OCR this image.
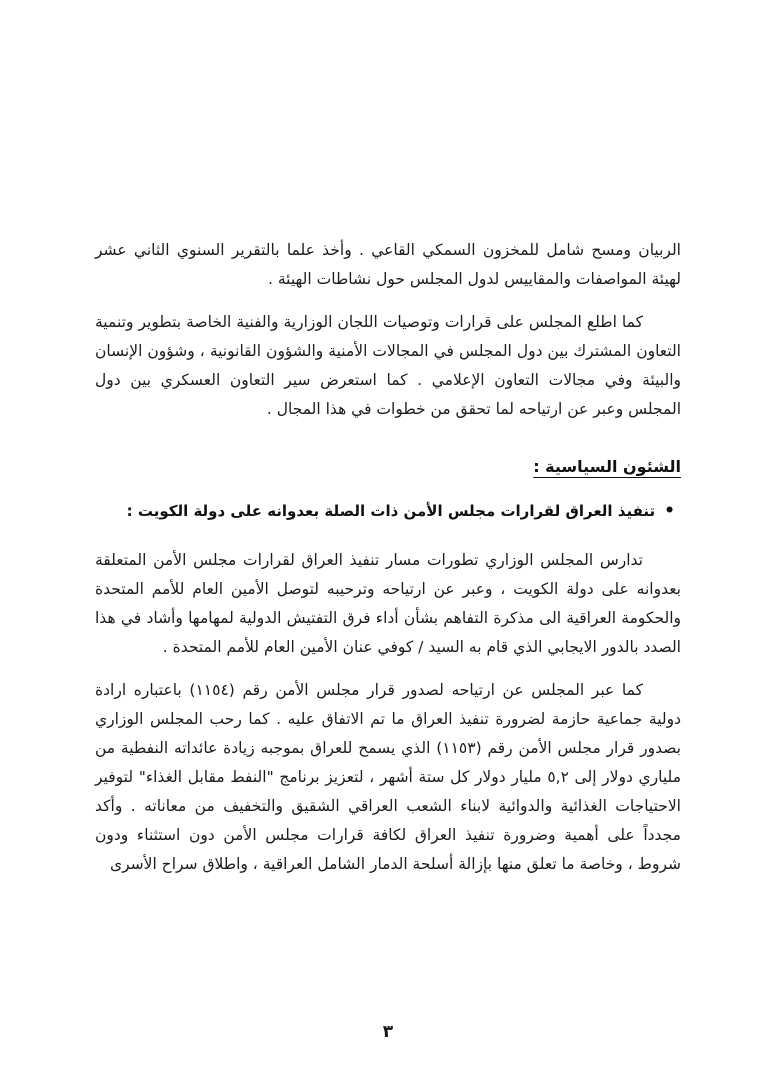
الربيان ومسح شامل للمخزون السمكي القاعي . وأخذ علما بالتقرير السنوي الثاني عشر لهيئة المواصفات والمقاييس لدول المجلس حول نشاطات الهيئة .

كما اطلع المجلس على قرارات وتوصيات اللجان الوزارية والفنية الخاصة بتطوير وتنمية التعاون المشترك بين دول المجلس في المجالات الأمنية والشؤون القانونية ، وشؤون الإنسان والبيئة وفي مجالات التعاون الإعلامي . كما استعرض سير التعاون العسكري بين دول المجلس وعبر عن ارتياحه لما تحقق من خطوات في هذا المجال .

الشئون السياسية :
•
تنفيذ العراق لقرارات مجلس الأمن ذات الصلة بعدوانه على دولة الكويت :

تدارس المجلس الوزاري تطورات مسار تنفيذ العراق لقرارات مجلس الأمن المتعلقة بعدوانه على دولة الكويت ، وعبر عن ارتياحه وترحيبه لتوصل الأمين العام للأمم المتحدة والحكومة العراقية الى مذكرة التفاهم بشأن أداء فرق التفتيش الدولية لمهامها وأشاد في هذا الصدد بالدور الايجابي الذي قام به السيد / كوفي عنان الأمين العام للأمم المتحدة .

كما عبر المجلس عن ارتياحه لصدور قرار مجلس الأمن رقم (١١٥٤) باعتباره ارادة دولية جماعية حازمة لضرورة تنفيذ العراق ما تم الاتفاق عليه . كما رحب المجلس الوزاري بصدور قرار مجلس الأمن رقم (١١٥٣) الذي يسمح للعراق بموجبه زيادة عائداته النفطية من ملياري دولار إلى ٥,٢ مليار دولار كل ستة أشهر ، لتعزيز برنامج "النفط مقابل الغذاء" لتوفير الاحتياجات الغذائية والدوائية لابناء الشعب العراقي الشقيق والتخفيف من معاناته . وأكد مجدداً على أهمية وضرورة تنفيذ العراق لكافة قرارات مجلس الأمن دون استثناء ودون شروط ، وخاصة ما تعلق منها بإزالة أسلحة الدمار الشامل العراقية ، واطلاق سراح الأسرى

٣
